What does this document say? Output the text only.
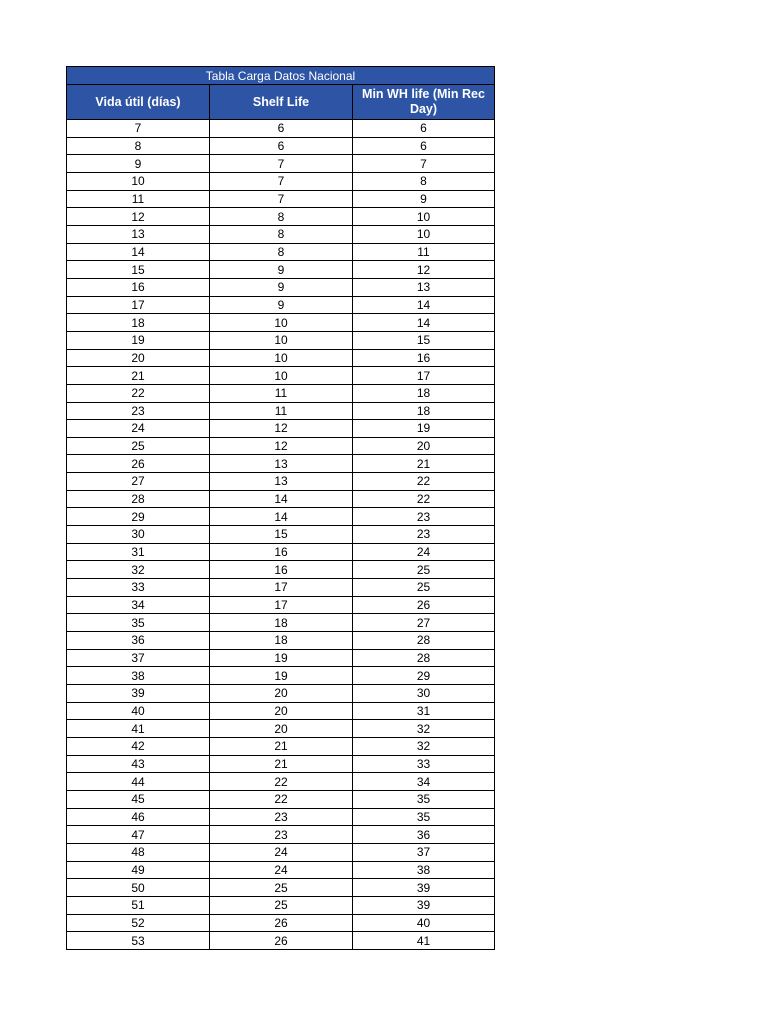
Tabla Carga Datos Nacional		
Vida útil (días)	Shelf Life	Min WH life (Min Rec Day)
7	6	6
8	6	6
9	7	7
10	7	8
11	7	9
12	8	10
13	8	10
14	8	11
15	9	12
16	9	13
17	9	14
18	10	14
19	10	15
20	10	16
21	10	17
22	11	18
23	11	18
24	12	19
25	12	20
26	13	21
27	13	22
28	14	22
29	14	23
30	15	23
31	16	24
32	16	25
33	17	25
34	17	26
35	18	27
36	18	28
37	19	28
38	19	29
39	20	30
40	20	31
41	20	32
42	21	32
43	21	33
44	22	34
45	22	35
46	23	35
47	23	36
48	24	37
49	24	38
50	25	39
51	25	39
52	26	40
53	26	41
